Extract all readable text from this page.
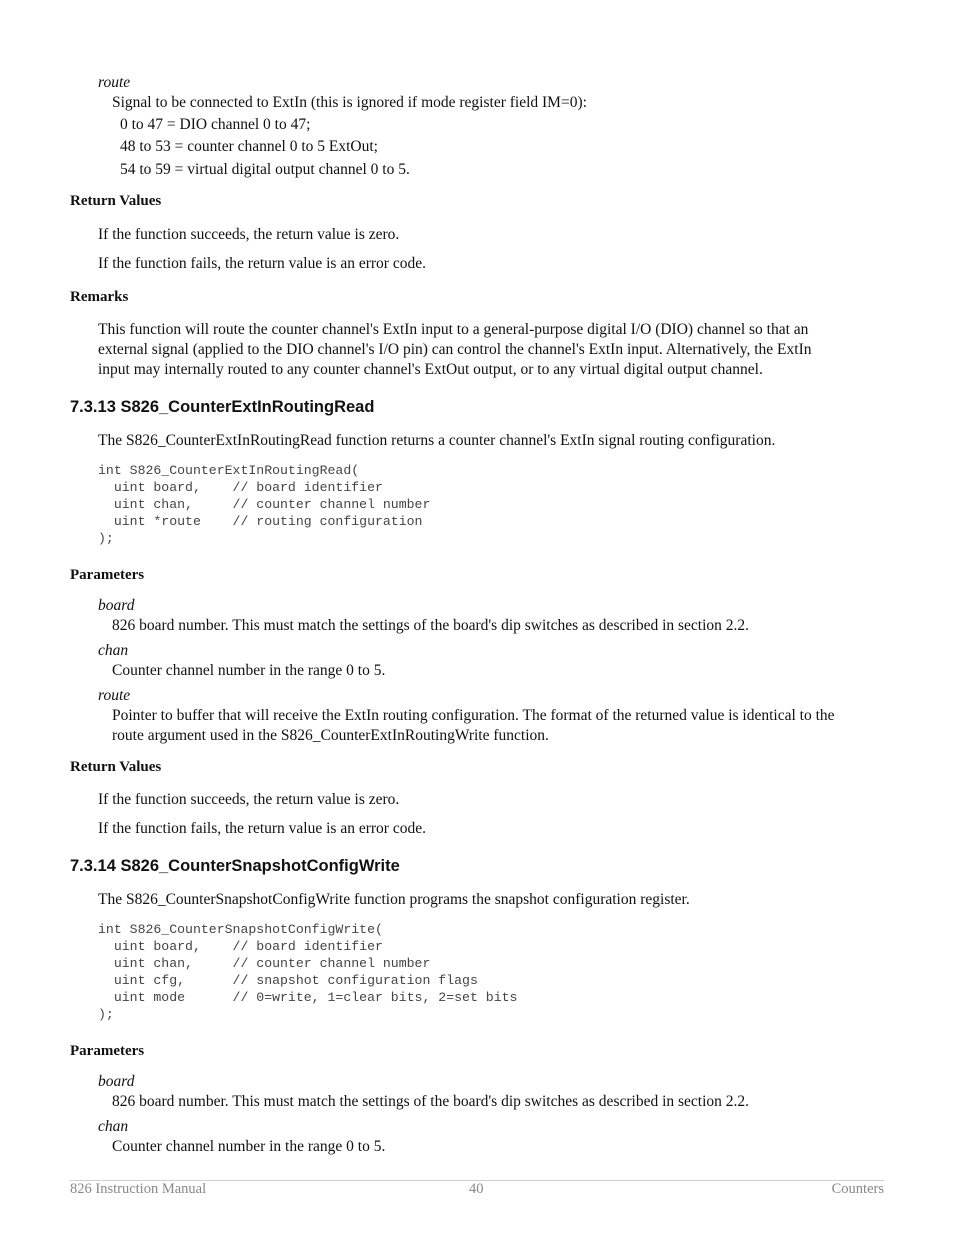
route
Signal to be connected to ExtIn (this is ignored if mode register field IM=0):
0 to 47 = DIO channel 0 to 47;
48 to 53 = counter channel 0 to 5 ExtOut;
54 to 59 = virtual digital output channel 0 to 5.
Return Values
If the function succeeds, the return value is zero.
If the function fails, the return value is an error code.
Remarks
This function will route the counter channel's ExtIn input to a general-purpose digital I/O (DIO) channel so that an
external signal (applied to the DIO channel's I/O pin) can control the channel's ExtIn input. Alternatively, the ExtIn
input may internally routed to any counter channel's ExtOut output, or to any virtual digital output channel.
7.3.13 S826_CounterExtInRoutingRead
The S826_CounterExtInRoutingRead function returns a counter channel's ExtIn signal routing configuration.
int S826_CounterExtInRoutingRead(
uint board,    // board identifier
uint chan,     // counter channel number
uint *route    // routing configuration
);
Parameters
board
826 board number. This must match the settings of the board's dip switches as described in section 2.2.
chan
Counter channel number in the range 0 to 5.
route
Pointer to buffer that will receive the ExtIn routing configuration. The format of the returned value is identical to the
route argument used in the S826_CounterExtInRoutingWrite function.
Return Values
If the function succeeds, the return value is zero.
If the function fails, the return value is an error code.
7.3.14 S826_CounterSnapshotConfigWrite
The S826_CounterSnapshotConfigWrite function programs the snapshot configuration register.
int S826_CounterSnapshotConfigWrite(
uint board,    // board identifier
uint chan,     // counter channel number
uint cfg,      // snapshot configuration flags
uint mode      // 0=write, 1=clear bits, 2=set bits
);
Parameters
board
826 board number. This must match the settings of the board's dip switches as described in section 2.2.
chan
Counter channel number in the range 0 to 5.
826 Instruction Manual	40	Counters
